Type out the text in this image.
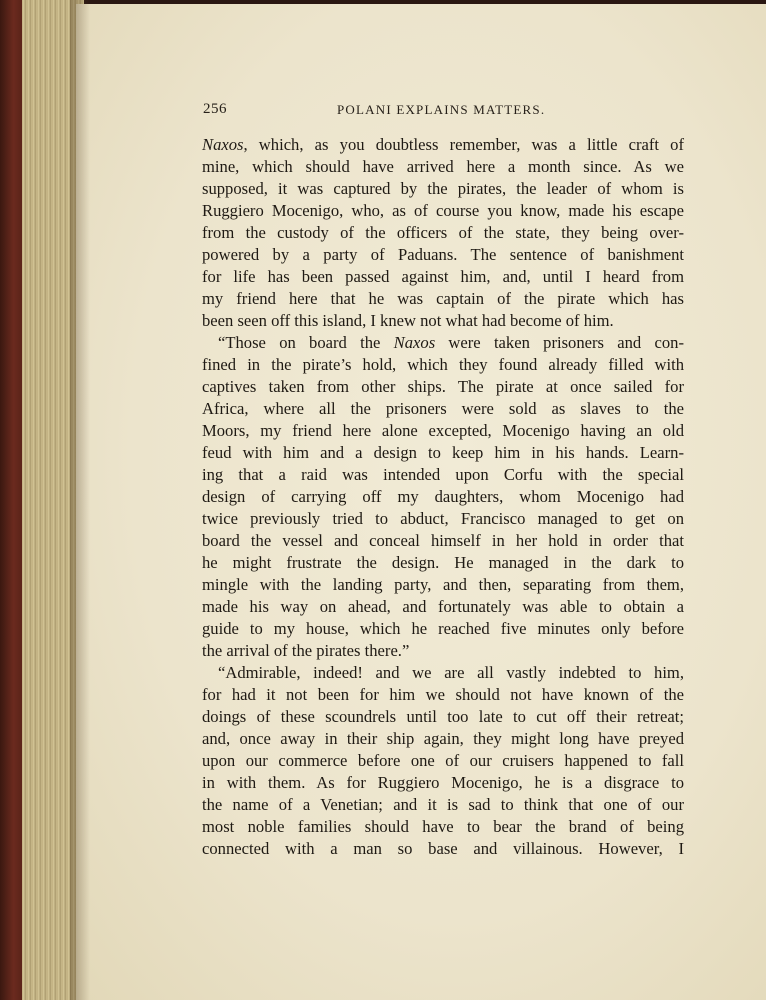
256	POLANI EXPLAINS MATTERS.
Naxos, which, as you doubtless remember, was a little craft of
mine, which should have arrived here a month since. As we
supposed, it was captured by the pirates, the leader of whom is
Ruggiero Mocenigo, who, as of course you know, made his escape
from the custody of the officers of the state, they being over-
powered by a party of Paduans. The sentence of banishment
for life has been passed against him, and, until I heard from
my friend here that he was captain of the pirate which has
been seen off this island, I knew not what had become of him.
“Those on board the Naxos were taken prisoners and con-
fined in the pirate’s hold, which they found already filled with
captives taken from other ships. The pirate at once sailed for
Africa, where all the prisoners were sold as slaves to the
Moors, my friend here alone excepted, Mocenigo having an old
feud with him and a design to keep him in his hands. Learn-
ing that a raid was intended upon Corfu with the special
design of carrying off my daughters, whom Mocenigo had
twice previously tried to abduct, Francisco managed to get on
board the vessel and conceal himself in her hold in order that
he might frustrate the design. He managed in the dark to
mingle with the landing party, and then, separating from them,
made his way on ahead, and fortunately was able to obtain a
guide to my house, which he reached five minutes only before
the arrival of the pirates there.”
“Admirable, indeed! and we are all vastly indebted to him,
for had it not been for him we should not have known of the
doings of these scoundrels until too late to cut off their retreat;
and, once away in their ship again, they might long have preyed
upon our commerce before one of our cruisers happened to fall
in with them. As for Ruggiero Mocenigo, he is a disgrace to
the name of a Venetian; and it is sad to think that one of our
most noble families should have to bear the brand of being
connected with a man so base and villainous. However, I
